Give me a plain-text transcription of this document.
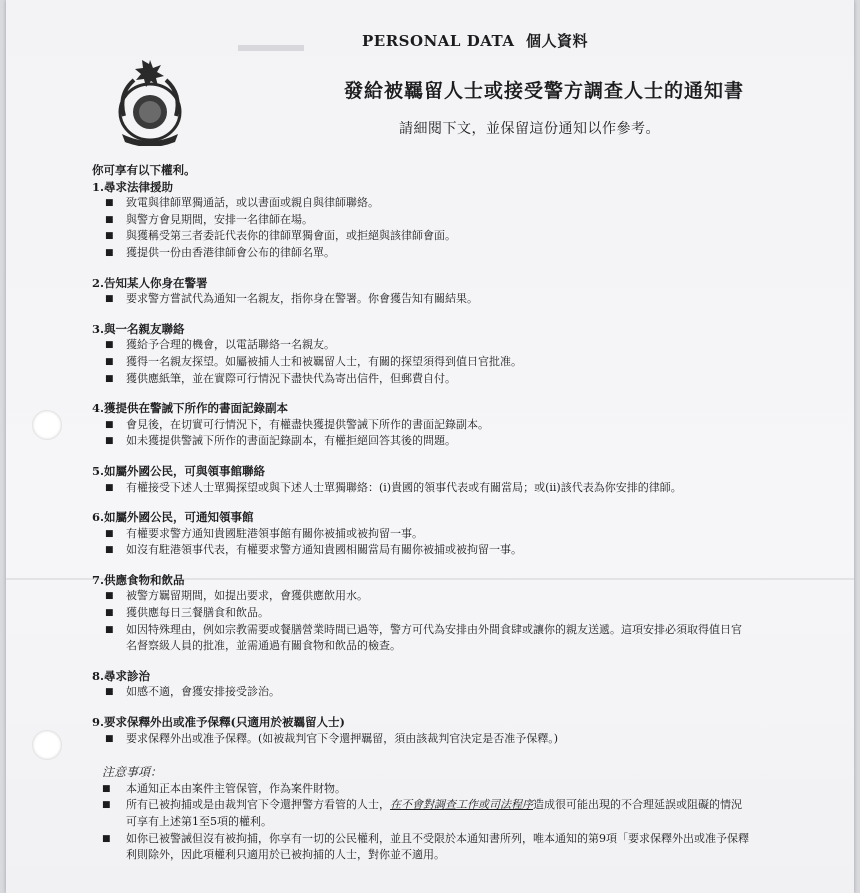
PERSONAL DATA 個人資料
發給被羈留人士或接受警方調查人士的通知書
請細閱下文，並保留這份通知以作參考。
你可享有以下權利。
1.尋求法律援助
■ 致電與律師單獨通話，或以書面或親自與律師聯絡。
■ 與警方會見期間，安排一名律師在場。
■ 與獲稱受第三者委託代表你的律師單獨會面，或拒絕與該律師會面。
■ 獲提供一份由香港律師會公布的律師名單。
2.告知某人你身在警署
■ 要求警方嘗試代為通知一名親友，指你身在警署。你會獲告知有關結果。
3.與一名親友聯絡
■ 獲給予合理的機會，以電話聯絡一名親友。
■ 獲得一名親友探望。如屬被捕人士和被羈留人士，有關的探望須得到值日官批准。
■ 獲供應紙筆，並在實際可行情況下盡快代為寄出信件，但郵費自付。
4.獲提供在警誡下所作的書面記錄副本
■ 會見後，在切實可行情況下，有權盡快獲提供警誡下所作的書面記錄副本。
■ 如未獲提供警誡下所作的書面記錄副本，有權拒絕回答其後的問題。
5.如屬外國公民，可與領事館聯絡
■ 有權接受下述人士單獨探望或與下述人士單獨聯絡：(i)貴國的領事代表或有關當局；或(ii)該代表為你安排的律師。
6.如屬外國公民，可通知領事館
■ 有權要求警方通知貴國駐港領事館有關你被捕或被拘留一事。
■ 如沒有駐港領事代表，有權要求警方通知貴國相關當局有關你被捕或被拘留一事。
7.供應食物和飲品
■ 被警方羈留期間，如提出要求，會獲供應飲用水。
■ 獲供應每日三餐膳食和飲品。
■ 如因特殊理由，例如宗教需要或餐膳營業時間已過等，警方可代為安排由外間食肆或讓你的親友送遞。這項安排必須取得值日官
名督察級人員的批准，並需通過有關食物和飲品的檢查。
8.尋求診治
■ 如感不適，會獲安排接受診治。
9.要求保釋外出或准予保釋(只適用於被羈留人士)
■ 要求保釋外出或准予保釋。(如被裁判官下令還押羈留，須由該裁判官決定是否准予保釋。)
注意事項：
■ 本通知正本由案件主管保管，作為案件財物。
■ 所有已被拘捕或是由裁判官下令還押警方看管的人士，在不會對調查工作或司法程序造成很可能出現的不合理延誤或阻礙的情況
可享有上述第1至5項的權利。
■ 如你已被警誡但沒有被拘捕，你享有一切的公民權利，並且不受限於本通知書所列，唯本通知的第9項「要求保釋外出或准予保釋
利則除外，因此項權利只適用於已被拘捕的人士，對你並不適用。
